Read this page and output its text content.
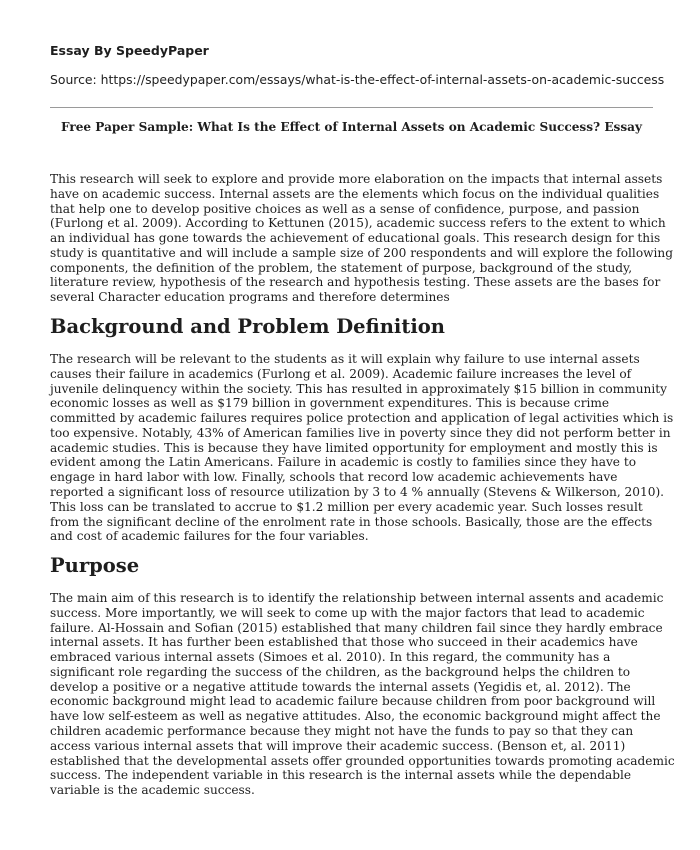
Essay By SpeedyPaper
Source: https://speedypaper.com/essays/what-is-the-effect-of-internal-assets-on-academic-success
Free Paper Sample: What Is the Effect of Internal Assets on Academic Success? Essay
This research will seek to explore and provide more elaboration on the impacts that internal assets
have on academic success. Internal assets are the elements which focus on the individual qualities
that help one to develop positive choices as well as a sense of confidence, purpose, and passion
(Furlong et al. 2009). According to Kettunen (2015), academic success refers to the extent to which
an individual has gone towards the achievement of educational goals. This research design for this
study is quantitative and will include a sample size of 200 respondents and will explore the following
components, the definition of the problem, the statement of purpose, background of the study,
literature review, hypothesis of the research and hypothesis testing. These assets are the bases for
several Character education programs and therefore determines
Background and Problem Definition
The research will be relevant to the students as it will explain why failure to use internal assets
causes their failure in academics (Furlong et al. 2009). Academic failure increases the level of
juvenile delinquency within the society. This has resulted in approximately $15 billion in community
economic losses as well as $179 billion in government expenditures. This is because crime
committed by academic failures requires police protection and application of legal activities which is
too expensive. Notably, 43% of American families live in poverty since they did not perform better in
academic studies. This is because they have limited opportunity for employment and mostly this is
evident among the Latin Americans. Failure in academic is costly to families since they have to
engage in hard labor with low. Finally, schools that record low academic achievements have
reported a significant loss of resource utilization by 3 to 4 % annually (Stevens & Wilkerson, 2010).
This loss can be translated to accrue to $1.2 million per every academic year. Such losses result
from the significant decline of the enrolment rate in those schools. Basically, those are the effects
and cost of academic failures for the four variables.
Purpose
The main aim of this research is to identify the relationship between internal assents and academic
success. More importantly, we will seek to come up with the major factors that lead to academic
failure. Al-Hossain and Sofian (2015) established that many children fail since they hardly embrace
internal assets. It has further been established that those who succeed in their academics have
embraced various internal assets (Simoes et al. 2010). In this regard, the community has a
significant role regarding the success of the children, as the background helps the children to
develop a positive or a negative attitude towards the internal assets (Yegidis et, al. 2012). The
economic background might lead to academic failure because children from poor background will
have low self-esteem as well as negative attitudes. Also, the economic background might affect the
children academic performance because they might not have the funds to pay so that they can
access various internal assets that will improve their academic success. (Benson et, al. 2011)
established that the developmental assets offer grounded opportunities towards promoting academic
success. The independent variable in this research is the internal assets while the dependable
variable is the academic success.
